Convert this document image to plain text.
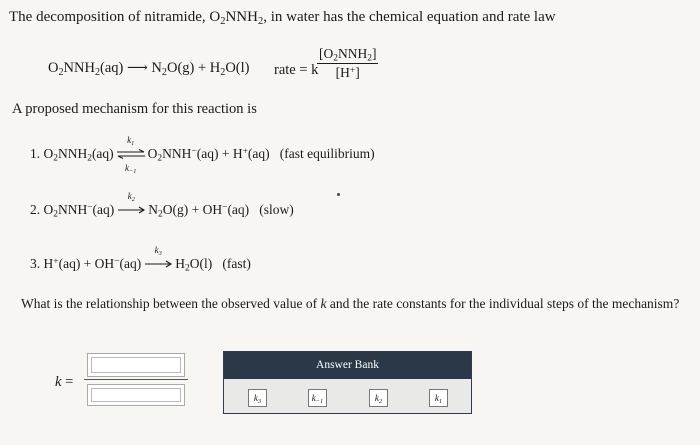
The decomposition of nitramide, $O_2NNH_2$, in water has the chemical equation and rate law
$O_2NNH_2(aq)$ ⟶ $N_2O(g) + H_2O(l)$ rate = k
$[O_2NNH_2]$
[H+]
A proposed mechanism for this reaction is
1. $O_2NNH_2(aq)$
$k_1$
$k_{-1}$
$O_2NNH^-(aq) + H^+(aq)$ (fast equilibrium)
2. $O_2NNH^-(aq)$
$k_2$
$N_2O(g) + OH^-(aq)$ (slow)
3. H+(aq) + OH−(aq)
$k_3$
$H_2O(l)$ (fast)
What is the relationship between the observed value of k and the rate constants for the individual steps of the mechanism?
k =
Answer Bank
$k_3$	$k_{-1}$	$k_2$	$k_1$
